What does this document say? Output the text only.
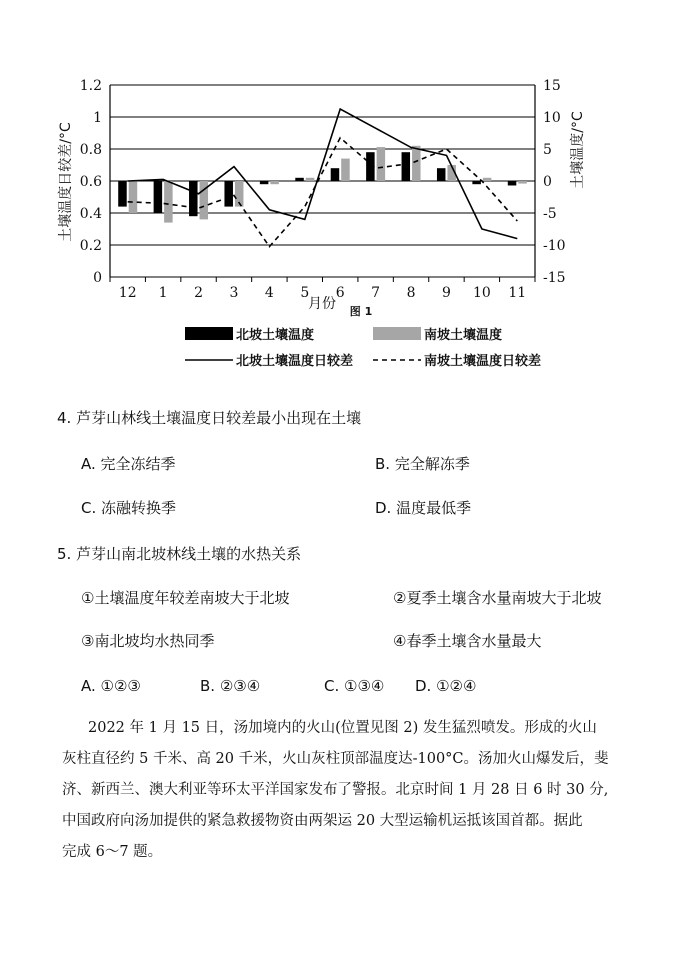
0
0.2
0.4
0.6
0.8
1
1.2
-15
-10
-5
0
5
10
15
12 1 2 3 4 5 6 7 8 9 10 11
土壤温度日较差/°C	土壤温度/°C
月份 图 1
北坡土壤温度	南坡土壤温度
北坡土壤温度日较差	南坡土壤温度日较差
4. 芦芽山林线土壤温度日较差最小出现在土壤
A. 完全冻结季	B. 完全解冻季
C. 冻融转换季	D. 温度最低季
5. 芦芽山南北坡林线土壤的水热关系
①土壤温度年较差南坡大于北坡	②夏季土壤含水量南坡大于北坡
③南北坡均水热同季	④春季土壤含水量最大
A. ①②③	B. ②③④	C. ①③④ D. ①②④
2022 年 1 月 15 日，汤加境内的火山(位置见图 2) 发生猛烈喷发。形成的火山
灰柱直径约 5 千米、高 20 千米，火山灰柱顶部温度达-100°C。汤加火山爆发后，斐
济、新西兰、澳大利亚等环太平洋国家发布了警报。北京时间 1 月 28 日 6 时 30 分,
中国政府向汤加提供的紧急救援物资由两架运 20 大型运输机运抵该国首都。据此
完成 6～7 题。
